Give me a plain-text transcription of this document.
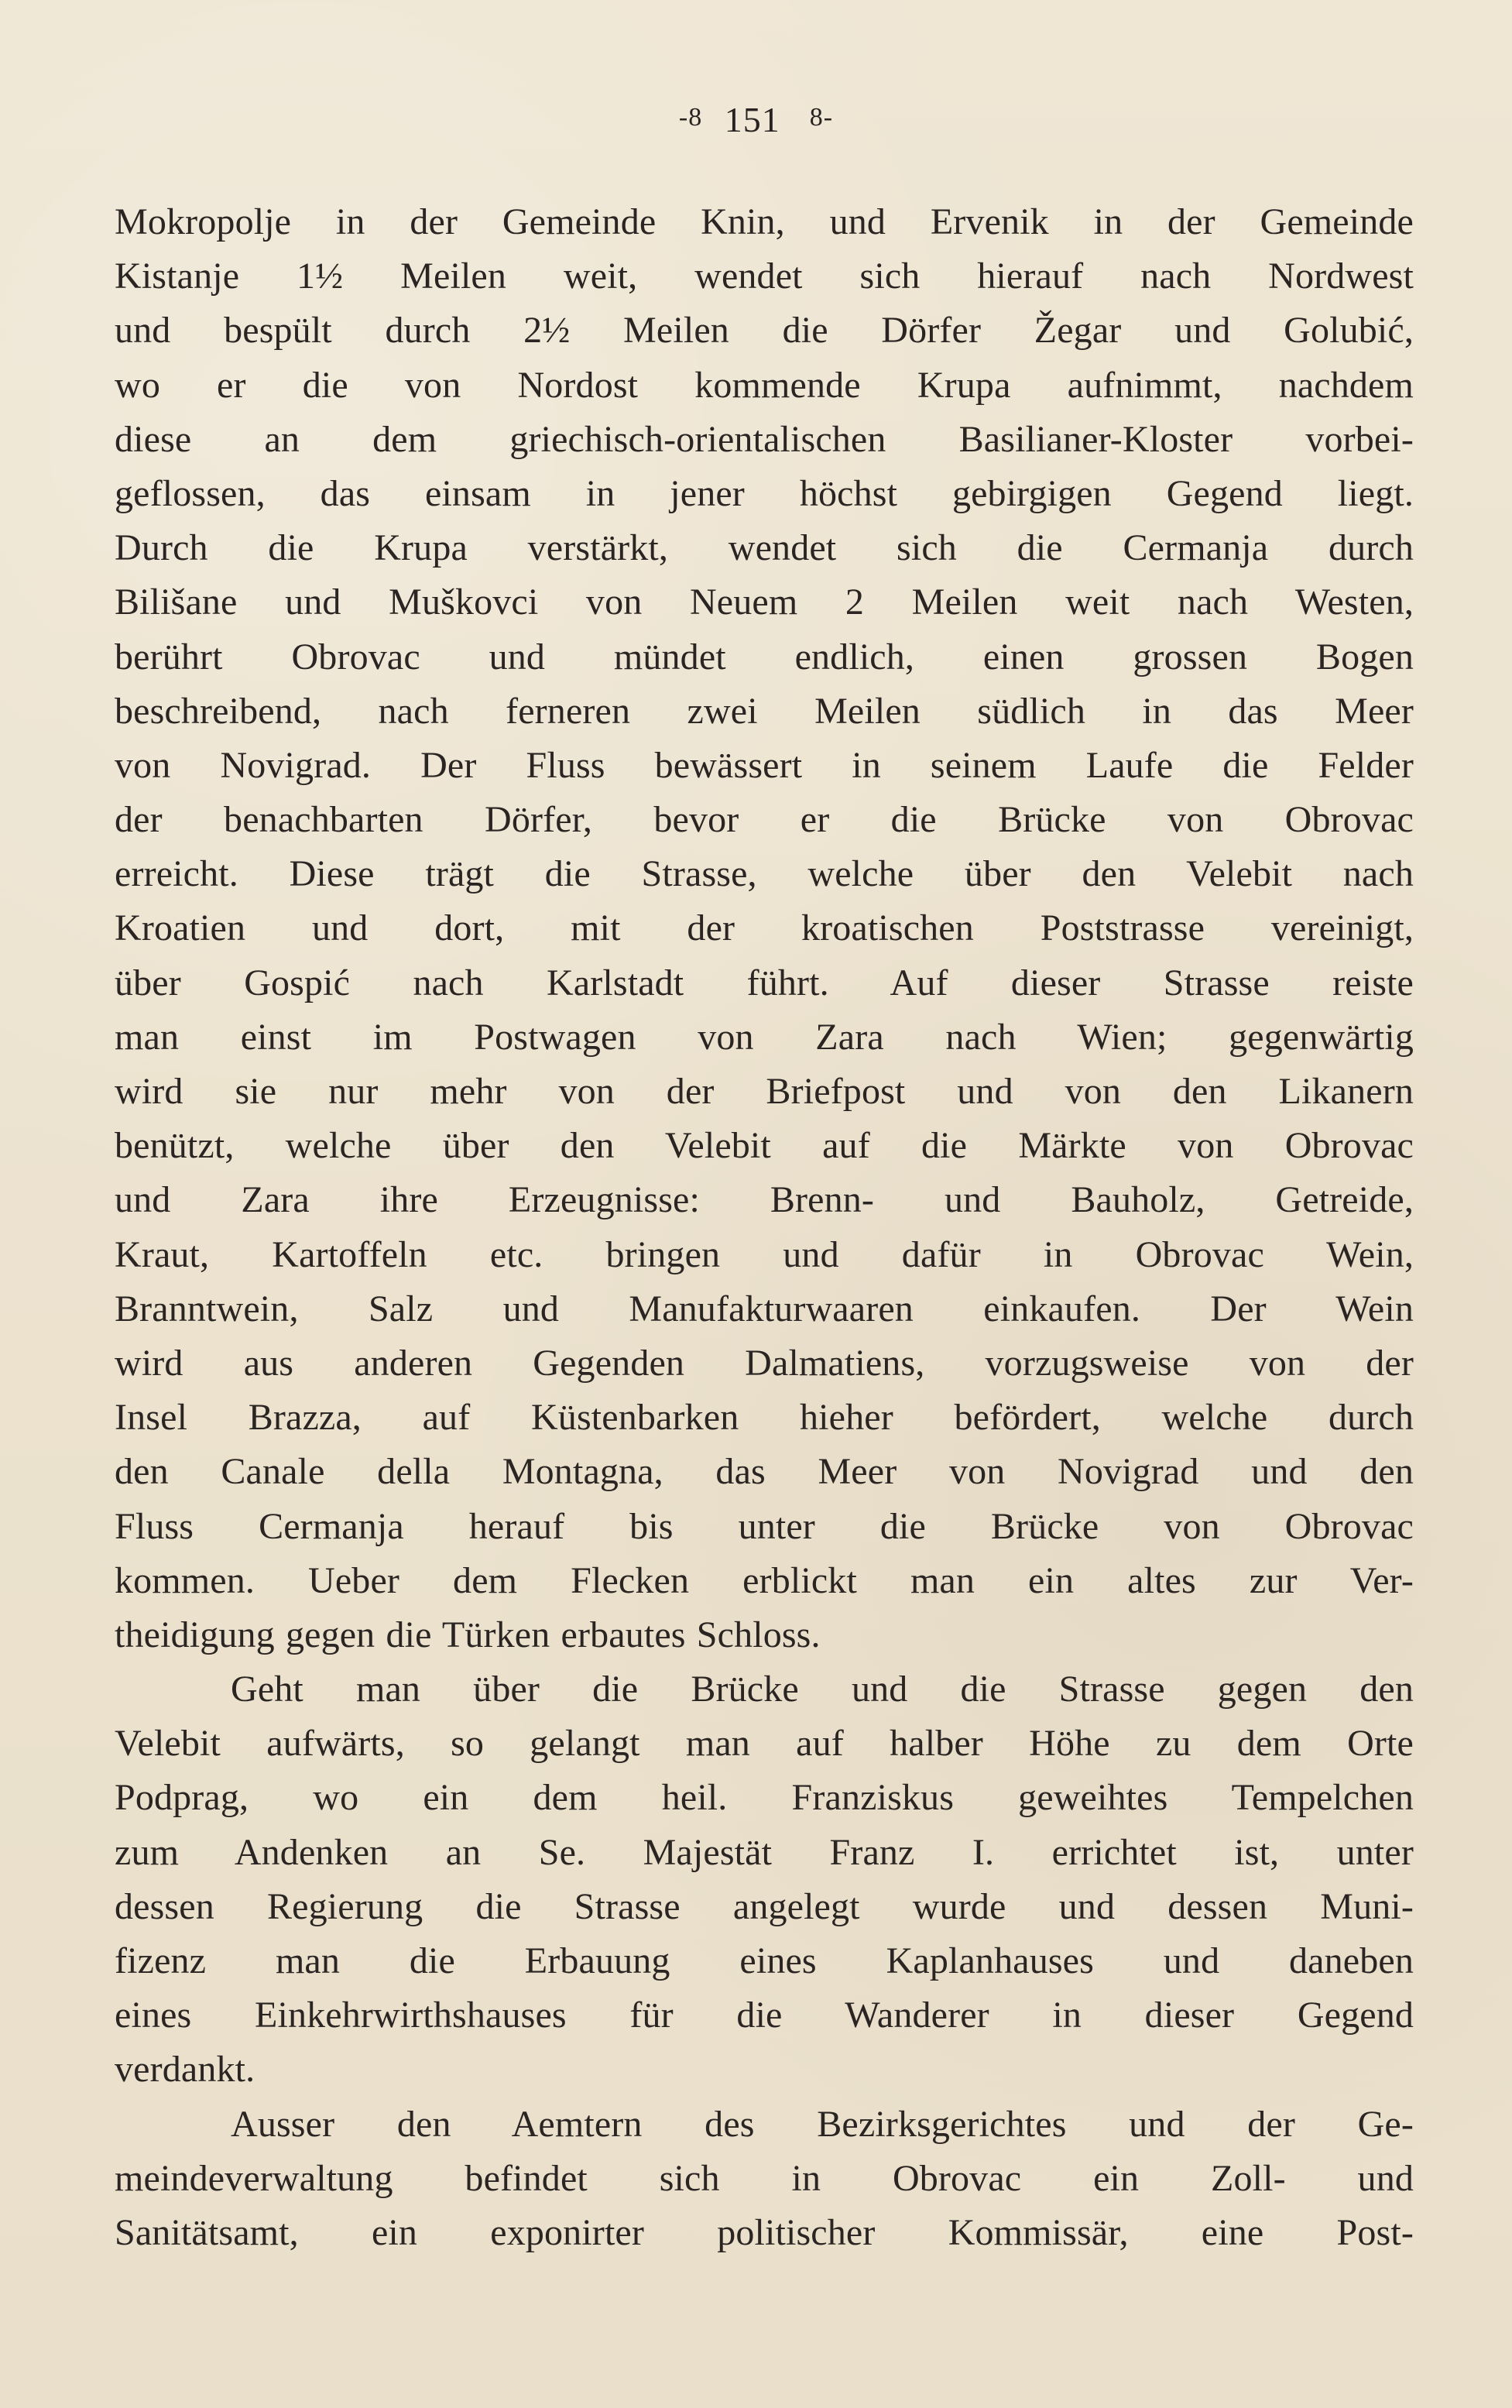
-8⁣ 151 ⁣ 8-
Mokropolje in der Gemeinde Knin, und Ervenik in der Gemeinde
Kistanje 1½ Meilen weit, wendet sich hierauf nach Nordwest
und bespült durch 2½ Meilen die Dörfer Žegar und Golubić,
wo er die von Nordost kommende Krupa aufnimmt, nachdem
diese an dem griechisch-orientalischen Basilianer-Kloster vorbei-
geflossen, das einsam in jener höchst gebirgigen Gegend liegt.
Durch die Krupa verstärkt, wendet sich die Cermanja durch
Bilišane und Muškovci von Neuem 2 Meilen weit nach Westen,
berührt Obrovac und mündet endlich, einen grossen Bogen
beschreibend, nach ferneren zwei Meilen südlich in das Meer
von Novigrad. Der Fluss bewässert in seinem Laufe die Felder
der benachbarten Dörfer, bevor er die Brücke von Obrovac
erreicht. Diese trägt die Strasse, welche über den Velebit nach
Kroatien und dort, mit der kroatischen Poststrasse vereinigt,
über Gospić nach Karlstadt führt. Auf dieser Strasse reiste
man einst im Postwagen von Zara nach Wien; gegenwärtig
wird sie nur mehr von der Briefpost und von den Likanern
benützt, welche über den Velebit auf die Märkte von Obrovac
und Zara ihre Erzeugnisse: Brenn- und Bauholz, Getreide,
Kraut, Kartoffeln etc. bringen und dafür in Obrovac Wein,
Branntwein, Salz und Manufakturwaaren einkaufen. Der Wein
wird aus anderen Gegenden Dalmatiens, vorzugsweise von der
Insel Brazza, auf Küstenbarken hieher befördert, welche durch
den Canale della Montagna, das Meer von Novigrad und den
Fluss Cermanja herauf bis unter die Brücke von Obrovac
kommen. Ueber dem Flecken erblickt man ein altes zur Ver-
theidigung gegen die Türken erbautes Schloss.
Geht man über die Brücke und die Strasse gegen den
Velebit aufwärts, so gelangt man auf halber Höhe zu dem Orte
Podprag, wo ein dem heil. Franziskus geweihtes Tempelchen
zum Andenken an Se. Majestät Franz I. errichtet ist, unter
dessen Regierung die Strasse angelegt wurde und dessen Muni-
fizenz man die Erbauung eines Kaplanhauses und daneben
eines Einkehrwirthshauses für die Wanderer in dieser Gegend
verdankt.
Ausser den Aemtern des Bezirksgerichtes und der Ge-
meindeverwaltung befindet sich in Obrovac ein Zoll- und
Sanitätsamt, ein exponirter politischer Kommissär, eine Post-
